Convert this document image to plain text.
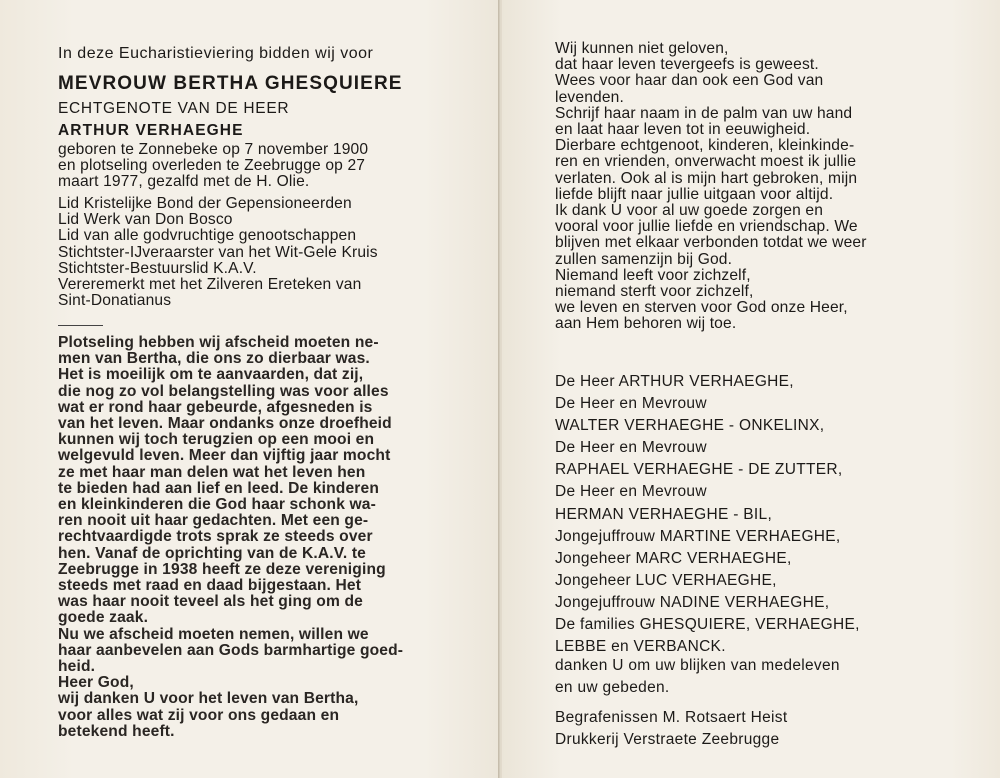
In deze Eucharistieviering bidden wij voor
MEVROUW BERTHA GHESQUIERE
ECHTGENOTE VAN DE HEER
ARTHUR VERHAEGHE
geboren te Zonnebeke op 7 november 1900
en plotseling overleden te Zeebrugge op 27
maart 1977, gezalfd met de H. Olie.
Lid Kristelijke Bond der Gepensioneerden
Lid Werk van Don Bosco
Lid van alle godvruchtige genootschappen
Stichtster-IJveraarster van het Wit-Gele Kruis
Stichtster-Bestuurslid K.A.V.
Vereremerkt met het Zilveren Ereteken van
Sint-Donatianus
Plotseling hebben wij afscheid moeten ne-
men van Bertha, die ons zo dierbaar was.
Het is moeilijk om te aanvaarden, dat zij,
die nog zo vol belangstelling was voor alles
wat er rond haar gebeurde, afgesneden is
van het leven. Maar ondanks onze droefheid
kunnen wij toch terugzien op een mooi en
welgevuld leven. Meer dan vijftig jaar mocht
ze met haar man delen wat het leven hen
te bieden had aan lief en leed. De kinderen
en kleinkinderen die God haar schonk wa-
ren nooit uit haar gedachten. Met een ge-
rechtvaardigde trots sprak ze steeds over
hen. Vanaf de oprichting van de K.A.V. te
Zeebrugge in 1938 heeft ze deze vereniging
steeds met raad en daad bijgestaan. Het
was haar nooit teveel als het ging om de
goede zaak.
Nu we afscheid moeten nemen, willen we
haar aanbevelen aan Gods barmhartige goed-
heid.
Heer God,
wij danken U voor het leven van Bertha,
voor alles wat zij voor ons gedaan en
betekend heeft.
Wij kunnen niet geloven,
dat haar leven tevergeefs is geweest.
Wees voor haar dan ook een God van
levenden.
Schrijf haar naam in de palm van uw hand
en laat haar leven tot in eeuwigheid.
Dierbare echtgenoot, kinderen, kleinkinde-
ren en vrienden, onverwacht moest ik jullie
verlaten. Ook al is mijn hart gebroken, mijn
liefde blijft naar jullie uitgaan voor altijd.
Ik dank U voor al uw goede zorgen en
vooral voor jullie liefde en vriendschap. We
blijven met elkaar verbonden totdat we weer
zullen samenzijn bij God.
Niemand leeft voor zichzelf,
niemand sterft voor zichzelf,
we leven en sterven voor God onze Heer,
aan Hem behoren wij toe.
De Heer ARTHUR VERHAEGHE,
De Heer en Mevrouw
WALTER VERHAEGHE - ONKELINX,
De Heer en Mevrouw
RAPHAEL VERHAEGHE - DE ZUTTER,
De Heer en Mevrouw
HERMAN VERHAEGHE - BIL,
Jongejuffrouw MARTINE VERHAEGHE,
Jongeheer MARC VERHAEGHE,
Jongeheer LUC VERHAEGHE,
Jongejuffrouw NADINE VERHAEGHE,
De families GHESQUIERE, VERHAEGHE,
LEBBE en VERBANCK.
danken U om uw blijken van medeleven
en uw gebeden.
Begrafenissen M. Rotsaert Heist
Drukkerij Verstraete Zeebrugge
